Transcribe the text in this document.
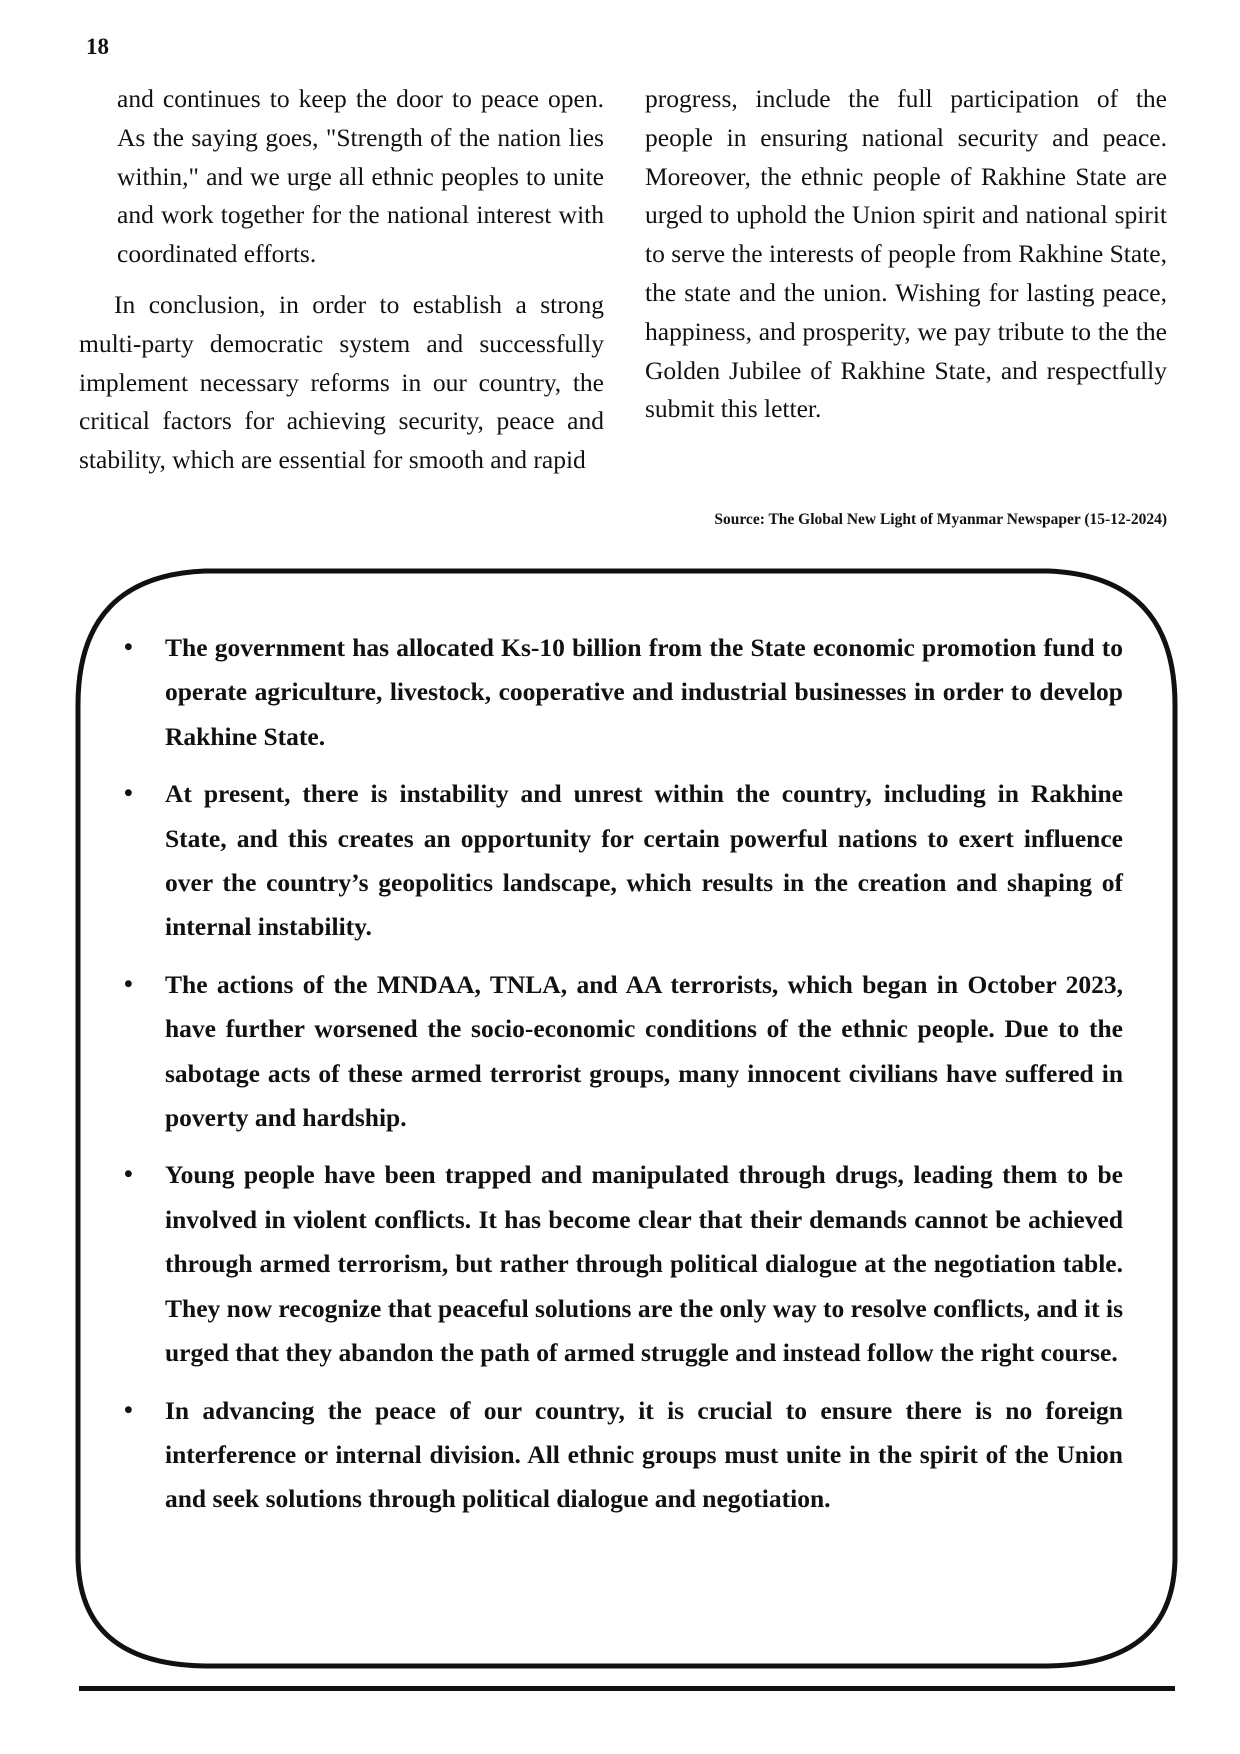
18

and continues to keep the door to peace open. As the saying goes, "Strength of the nation lies within," and we urge all ethnic peoples to unite and work together for the national interest with coordinated efforts.

In conclusion, in order to establish a strong multi-party democratic system and successfully implement necessary reforms in our country, the critical factors for achieving security, peace and stability, which are essential for smooth and rapid

progress, include the full participation of the people in ensuring national security and peace. Moreover, the ethnic people of Rakhine State are urged to uphold the Union spirit and national spirit to serve the interests of people from Rakhine State, the state and the union. Wishing for lasting peace, happiness, and prosperity, we pay tribute to the the Golden Jubilee of Rakhine State, and respectfully submit this letter.

Source: The Global New Light of Myanmar Newspaper (15-12-2024)
• The government has allocated Ks-10 billion from the State economic promotion fund to operate agriculture, livestock, cooperative and industrial businesses in order to develop Rakhine State.
• At present, there is instability and unrest within the country, including in Rakhine State, and this creates an opportunity for certain powerful nations to exert influence over the country’s geopolitics landscape, which results in the creation and shaping of internal instability.
• The actions of the MNDAA, TNLA, and AA terrorists, which began in October 2023, have further worsened the socio-economic conditions of the ethnic people. Due to the sabotage acts of these armed terrorist groups, many innocent civilians have suffered in poverty and hardship.
• Young people have been trapped and manipulated through drugs, leading them to be involved in violent conflicts. It has become clear that their demands cannot be achieved through armed terrorism, but rather through political dialogue at the negotiation table. They now recognize that peaceful solutions are the only way to resolve conflicts, and it is urged that they abandon the path of armed struggle and instead follow the right course.
• In advancing the peace of our country, it is crucial to ensure there is no foreign interference or internal division. All ethnic groups must unite in the spirit of the Union and seek solutions through political dialogue and negotiation.
